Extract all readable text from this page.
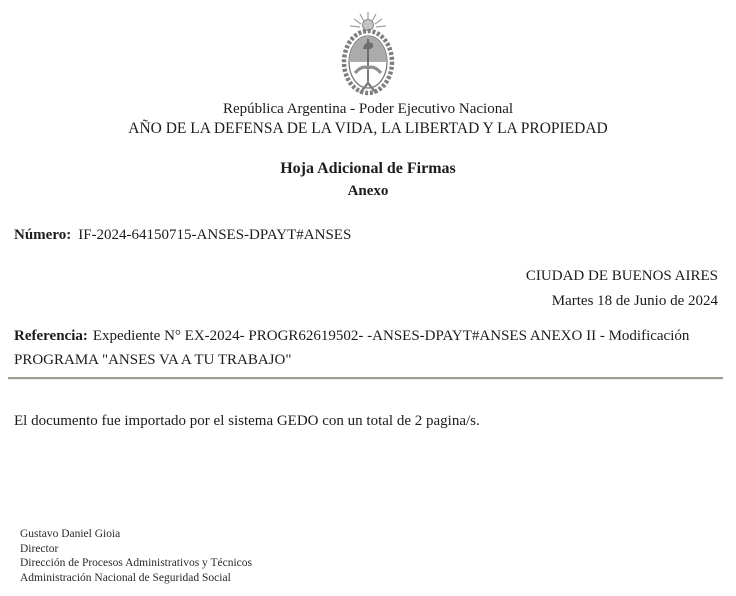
República Argentina - Poder Ejecutivo Nacional
AÑO DE LA DEFENSA DE LA VIDA, LA LIBERTAD Y LA PROPIEDAD
Hoja Adicional de Firmas
Anexo
Número: IF-2024-64150715-ANSES-DPAYT#ANSES
CIUDAD DE BUENOS AIRES
Martes 18 de Junio de 2024
Referencia: Expediente N° EX-2024- PROGR62619502- -ANSES-DPAYT#ANSES ANEXO II - Modificación PROGRAMA "ANSES VA A TU TRABAJO"
El documento fue importado por el sistema GEDO con un total de 2 pagina/s.
Gustavo Daniel Gioia
Director
Dirección de Procesos Administrativos y Técnicos
Administración Nacional de Seguridad Social
